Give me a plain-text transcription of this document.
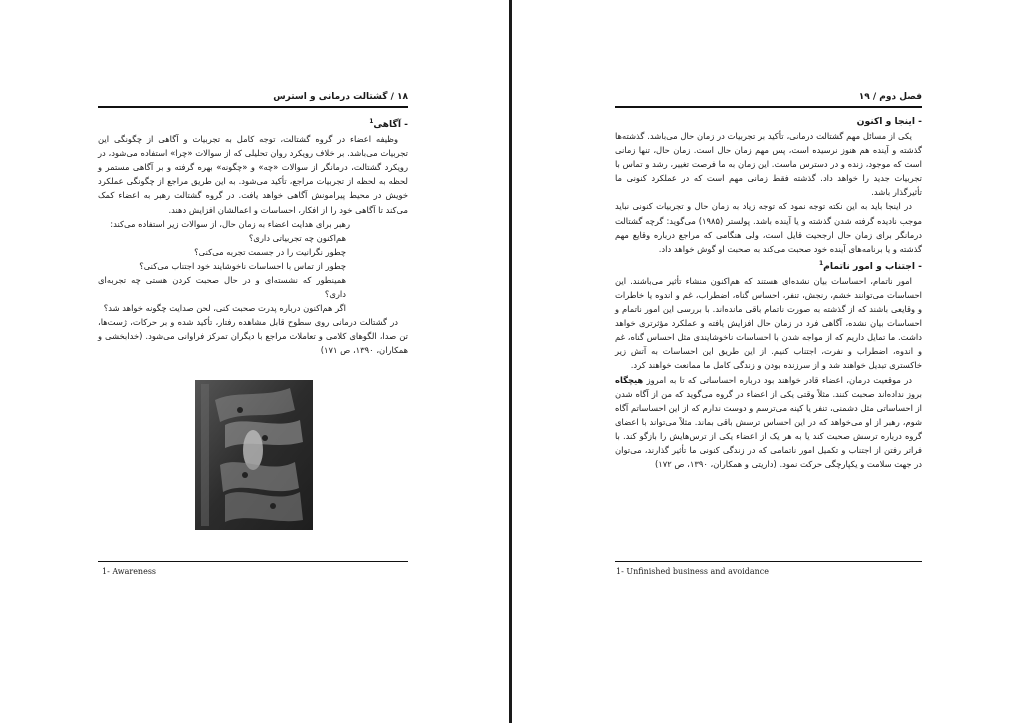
۱۸ / گشتالت درمانی و استرس
- آگاهی$^1$

وظیفه اعضاء در گروه گشتالت، توجه کامل به تجربیات و آگاهی از چگونگی این تجربیات می‌باشد. بر خلاف رویکرد روان تحلیلی که از سوالات «چرا» استفاده می‌شود، در رویکرد گشتالت، درمانگر از سوالات «چه» و «چگونه» بهره گرفته و بر آگاهی مستمر و لحظه به لحظه از تجربیات مراجع، تأکید می‌شود. به این طریق مراجع از چگونگی عملکرد خویش در محیط پیرامونش آگاهی خواهد یافت. در گروه گشتالت رهبر به اعضاء کمک می‌کند تا آگاهی خود را از افکار، احساسات و اعمالشان افزایش دهند.

رهبر برای هدایت اعضاء به زمان حال، از سوالات زیر استفاده می‌کند:

هم‌اکنون چه تجربیاتی داری؟

چطور نگرانیت را در جسمت تجربه می‌کنی؟

چطور از تماس با احساسات ناخوشایند خود اجتناب می‌کنی؟

همینطور که نشسته‌ای و در حال صحبت کردن هستی چه تجربه‌ای داری؟

اگر هم‌اکنون درباره پدرت صحبت کنی، لحن صدایت چگونه خواهد شد؟

در گشتالت درمانی روی سطوح قابل مشاهده رفتار، تأکید شده و بر حرکات، ژست‌ها، تن صدا، الگوهای کلامی و تعاملات مراجع با دیگران تمرکز فراوانی می‌شود. (خدابخشی و همکاران، ۱۳۹۰، ص ۱۷۱)

1- Awareness
فصل دوم / ۱۹
- اینجا و اکنون

یکی از مسائل مهم گشتالت درمانی، تأکید بر تجربیات در زمان حال می‌باشد. گذشته‌ها گذشته و آینده هم هنوز نرسیده است، پس مهم زمان حال است. زمان حال، تنها زمانی است که موجود، زنده و در دسترس ماست. این زمان به ما فرصت تغییر، رشد و تماس با تجربیات جدید را خواهد داد. گذشته فقط زمانی مهم است که در عملکرد کنونی ما تأثیرگذار باشد.

در اینجا باید به این نکته توجه نمود که توجه زیاد به زمان حال و تجربیات کنونی نباید موجب نادیده گرفته شدن گذشته و یا آینده باشد. پولستر (۱۹۸۵) می‌گوید: گرچه گشتالت درمانگر برای زمان حال ارجحیت قایل است، ولی هنگامی که مراجع درباره وقایع مهم گذشته و یا برنامه‌های آینده خود صحبت می‌کند به صحبت او گوش خواهد داد.

- اجتناب و امور ناتمام$^1$

امور ناتمام، احساسات بیان نشده‌ای هستند که هم‌اکنون منشاء تأثیر می‌باشند. این احساسات می‌توانند خشم، رنجش، تنفر، احساس گناه، اضطراب، غم و اندوه یا خاطرات و وقایعی باشند که از گذشته به صورت ناتمام باقی مانده‌اند. با بررسی این امور ناتمام و احساسات بیان نشده، آگاهی فرد در زمان حال افزایش یافته و عملکرد مؤثرتری خواهد داشت. ما تمایل داریم که از مواجه شدن با احساسات ناخوشایندی مثل احساس گناه، غم و اندوه، اضطراب و نفرت، اجتناب کنیم. از این طریق این احساسات به آتش زیر خاکستری تبدیل خواهند شد و از سرزنده بودن و زندگی کامل ما ممانعت خواهند کرد.

در موقعیت درمان، اعضاء قادر خواهند بود درباره احساساتی که تا به امروز هیچگاه بروز نداده‌اند صحبت کنند. مثلاً وقتی یکی از اعضاء در گروه می‌گوید که من از آگاه شدن از احساساتی مثل دشمنی، تنفر یا کینه می‌ترسم و دوست ندارم که از این احساساتم آگاه شوم، رهبر از او می‌خواهد که در این احساس ترسش باقی بماند. مثلاً می‌تواند با اعضای گروه درباره ترسش صحبت کند یا به هر یک از اعضاء یکی از ترس‌هایش را بازگو کند. با فراتر رفتن از اجتناب و تکمیل امور ناتمامی که در زندگی کنونی ما تأثیر گذارند، می‌توان در جهت سلامت و یکپارچگی حرکت نمود. (داریتی و همکاران، ۱۳۹۰، ص ۱۷۲)

1- Unfinished business and avoidance
